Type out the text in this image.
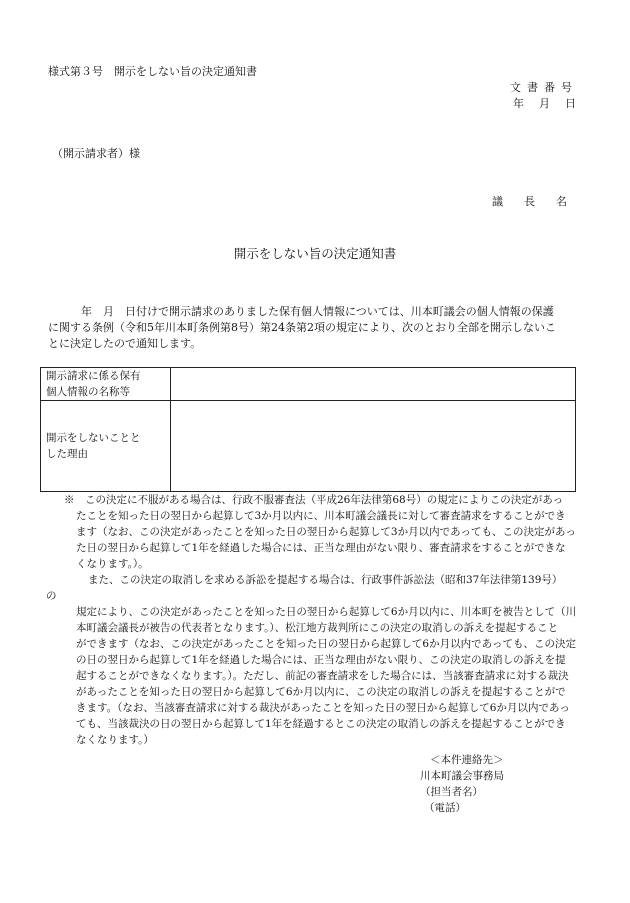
様式第３号　開示をしない旨の決定通知書
文書番号
年　月　日
（開示請求者）様
議　長　名
開示をしない旨の決定通知書
　　　年　月　日付けで開示請求のありました保有個人情報については、川本町議会の個人情報の保護
に関する条例（令和5年川本町条例第8号）第24条第2項の規定により、次のとおり全部を開示しないこ
とに決定したので通知します。
開示請求に係る保有
個人情報の名称等	

開示をしないことと
した理由	

※　この決定に不服がある場合は、行政不服審査法（平成26年法律第68号）の規定によりこの決定があっ
たことを知った日の翌日から起算して3か月以内に、川本町議会議長に対して審査請求をすることができ
ます（なお、この決定があったことを知った日の翌日から起算して3か月以内であっても、この決定があっ
た日の翌日から起算して1年を経過した場合には、正当な理由がない限り、審査請求をすることができな
くなります。）。
また、この決定の取消しを求める訴訟を提起する場合は、行政事件訴訟法（昭和37年法律第139号）
の
規定により、この決定があったことを知った日の翌日から起算して6か月以内に、川本町を被告として（川
本町議会議長が被告の代表者となります。）、松江地方裁判所にこの決定の取消しの訴えを提起すること
ができます（なお、この決定があったことを知った日の翌日から起算して6か月以内であっても、この決定
の日の翌日から起算して1年を経過した場合には、正当な理由がない限り、この決定の取消しの訴えを提
起することができなくなります。）。ただし、前記の審査請求をした場合には、当該審査請求に対する裁決
があったことを知った日の翌日から起算して6か月以内に、この決定の取消しの訴えを提起することがで
きます。（なお、当該審査請求に対する裁決があったことを知った日の翌日から起算して6か月以内であっ
ても、当該裁決の日の翌日から起算して1年を経過するとこの決定の取消しの訴えを提起することができ
なくなります。）
＜本件連絡先＞
川本町議会事務局
（担当者名）
（電話）
